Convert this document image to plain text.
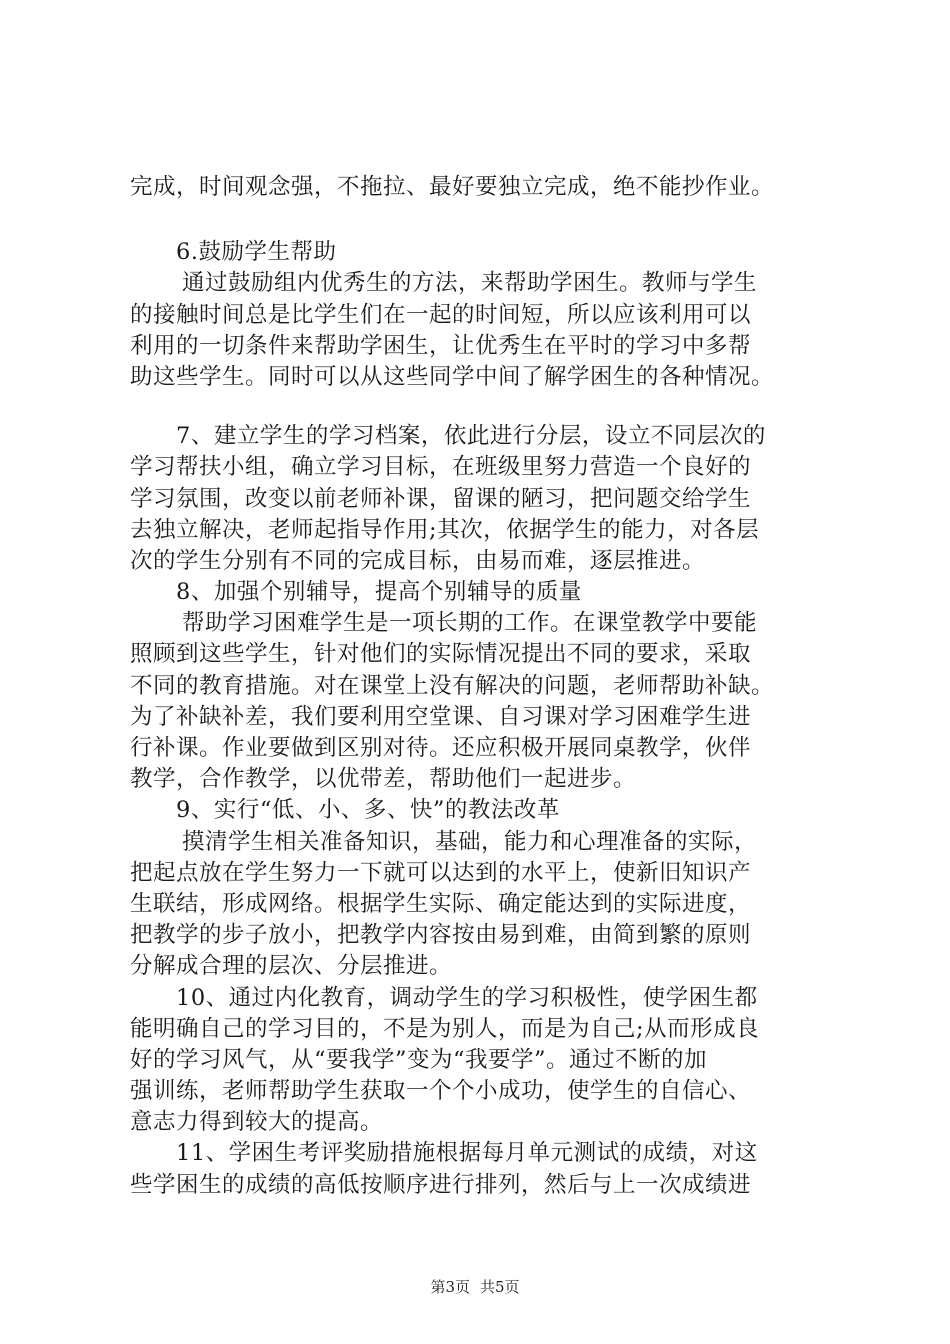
完成，时间观念强，不拖拉、最好要独立完成，绝不能抄作业。
6.鼓励学生帮助
通过鼓励组内优秀生的方法，来帮助学困生。教师与学生
的接触时间总是比学生们在一起的时间短，所以应该利用可以
利用的一切条件来帮助学困生，让优秀生在平时的学习中多帮
助这些学生。同时可以从这些同学中间了解学困生的各种情况。
7、建立学生的学习档案，依此进行分层，设立不同层次的
学习帮扶小组，确立学习目标，在班级里努力营造一个良好的
学习氛围，改变以前老师补课，留课的陋习，把问题交给学生
去独立解决，老师起指导作用;其次，依据学生的能力，对各层
次的学生分别有不同的完成目标，由易而难，逐层推进。
8、加强个别辅导，提高个别辅导的质量
帮助学习困难学生是一项长期的工作。在课堂教学中要能
照顾到这些学生，针对他们的实际情况提出不同的要求，采取
不同的教育措施。对在课堂上没有解决的问题，老师帮助补缺。
为了补缺补差，我们要利用空堂课、自习课对学习困难学生进
行补课。作业要做到区别对待。还应积极开展同桌教学，伙伴
教学，合作教学，以优带差，帮助他们一起进步。
9、实行“低、小、多、快”的教法改革
摸清学生相关准备知识，基础，能力和心理准备的实际，
把起点放在学生努力一下就可以达到的水平上，使新旧知识产
生联结，形成网络。根据学生实际、确定能达到的实际进度，
把教学的步子放小，把教学内容按由易到难，由简到繁的原则
分解成合理的层次、分层推进。
10、通过内化教育，调动学生的学习积极性，使学困生都
能明确自己的学习目的，不是为别人，而是为自己;从而形成良
好的学习风气，从“要我学”变为“我要学”。通过不断的加
强训练，老师帮助学生获取一个个小成功，使学生的自信心、
意志力得到较大的提高。
11、学困生考评奖励措施根据每月单元测试的成绩，对这
些学困生的成绩的高低按顺序进行排列，然后与上一次成绩进
第3页 共5页
